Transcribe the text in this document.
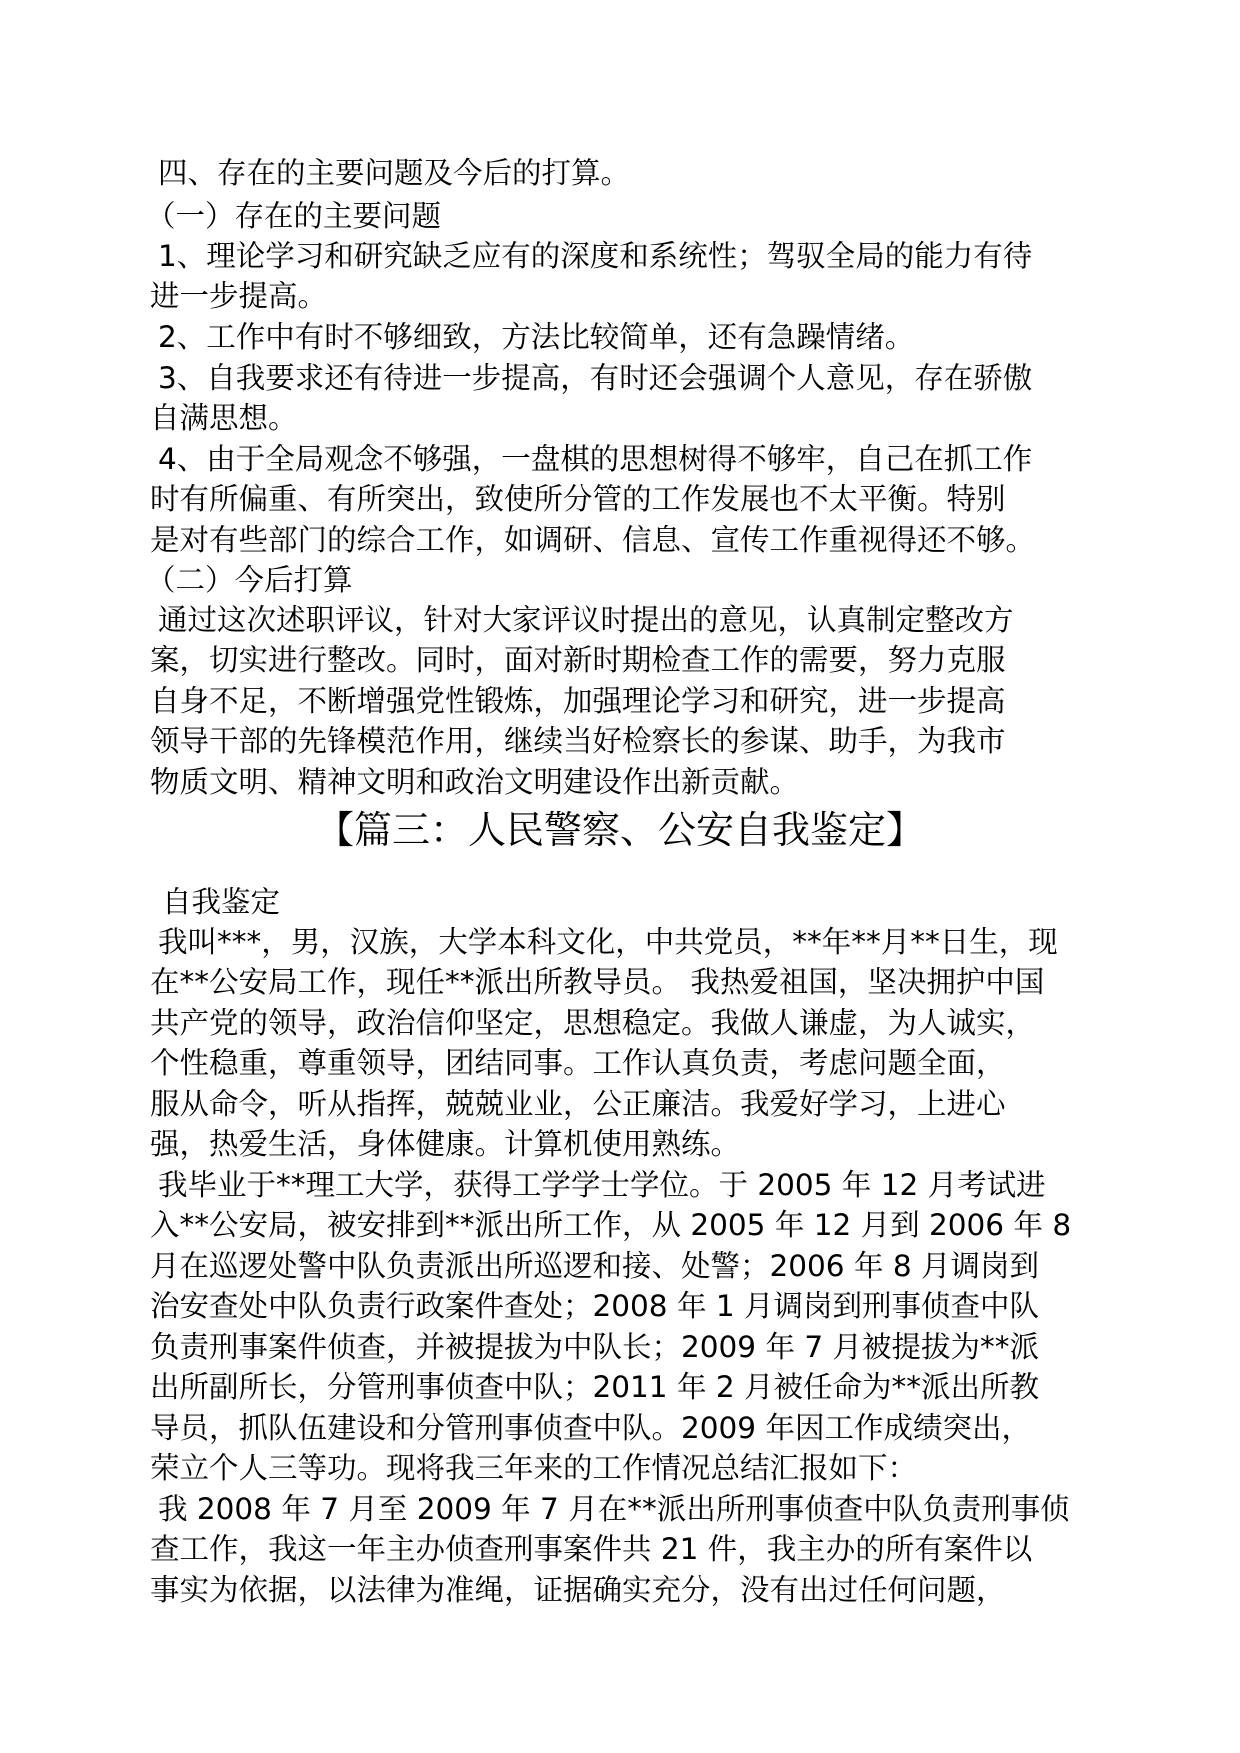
四、存在的主要问题及今后的打算。
（一）存在的主要问题
1、理论学习和研究缺乏应有的深度和系统性；驾驭全局的能力有待
进一步提高。
2、工作中有时不够细致，方法比较简单，还有急躁情绪。
3、自我要求还有待进一步提高，有时还会强调个人意见，存在骄傲
自满思想。
4、由于全局观念不够强，一盘棋的思想树得不够牢，自己在抓工作
时有所偏重、有所突出，致使所分管的工作发展也不太平衡。特别
是对有些部门的综合工作，如调研、信息、宣传工作重视得还不够。
（二）今后打算
通过这次述职评议，针对大家评议时提出的意见，认真制定整改方
案，切实进行整改。同时，面对新时期检查工作的需要，努力克服
自身不足，不断增强党性锻炼，加强理论学习和研究，进一步提高
领导干部的先锋模范作用，继续当好检察长的参谋、助手，为我市
物质文明、精神文明和政治文明建设作出新贡献。
【篇三：人民警察、公安自我鉴定】
自我鉴定
我叫***，男，汉族，大学本科文化，中共党员，**年**月**日生，现
在**公安局工作，现任**派出所教导员。 我热爱祖国，坚决拥护中国
共产党的领导，政治信仰坚定，思想稳定。我做人谦虚，为人诚实，
个性稳重，尊重领导，团结同事。工作认真负责，考虑问题全面，
服从命令，听从指挥，兢兢业业，公正廉洁。我爱好学习，上进心
强，热爱生活，身体健康。计算机使用熟练。
我毕业于**理工大学，获得工学学士学位。于 2005 年 12 月考试进
入**公安局，被安排到**派出所工作，从 2005 年 12 月到 2006 年 8
月在巡逻处警中队负责派出所巡逻和接、处警；2006 年 8 月调岗到
治安查处中队负责行政案件查处；2008 年 1 月调岗到刑事侦查中队
负责刑事案件侦查，并被提拔为中队长；2009 年 7 月被提拔为**派
出所副所长，分管刑事侦查中队；2011 年 2 月被任命为**派出所教
导员，抓队伍建设和分管刑事侦查中队。2009 年因工作成绩突出，
荣立个人三等功。现将我三年来的工作情况总结汇报如下：
我 2008 年 7 月至 2009 年 7 月在**派出所刑事侦查中队负责刑事侦
查工作，我这一年主办侦查刑事案件共 21 件，我主办的所有案件以
事实为依据，以法律为准绳，证据确实充分，没有出过任何问题，
